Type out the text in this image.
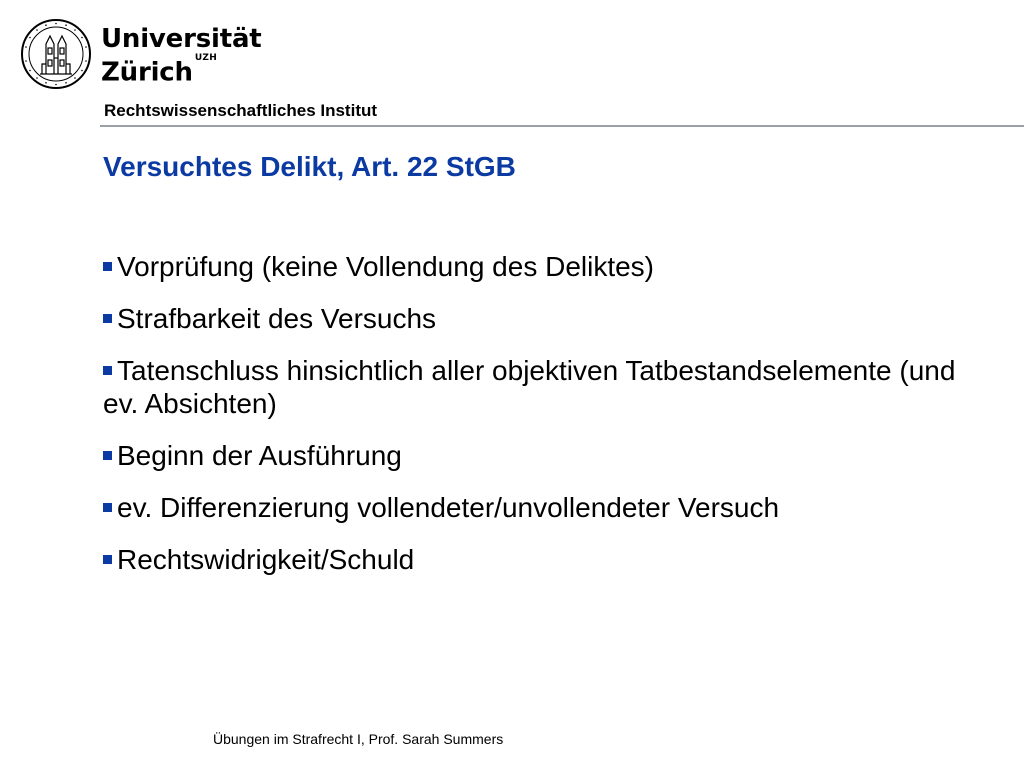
Universität
Zürich $^{UZH}$
Rechtswissenschaftliches Institut
Versuchtes Delikt, Art. 22 StGB
Vorprüfung (keine Vollendung des Deliktes)
Strafbarkeit des Versuchs
Tatenschluss hinsichtlich aller objektiven Tatbestandselemente (und ev. Absichten)
Beginn der Ausführung
ev. Differenzierung vollendeter/unvollendeter Versuch
Rechtswidrigkeit/Schuld
Übungen im Strafrecht I, Prof. Sarah Summers
